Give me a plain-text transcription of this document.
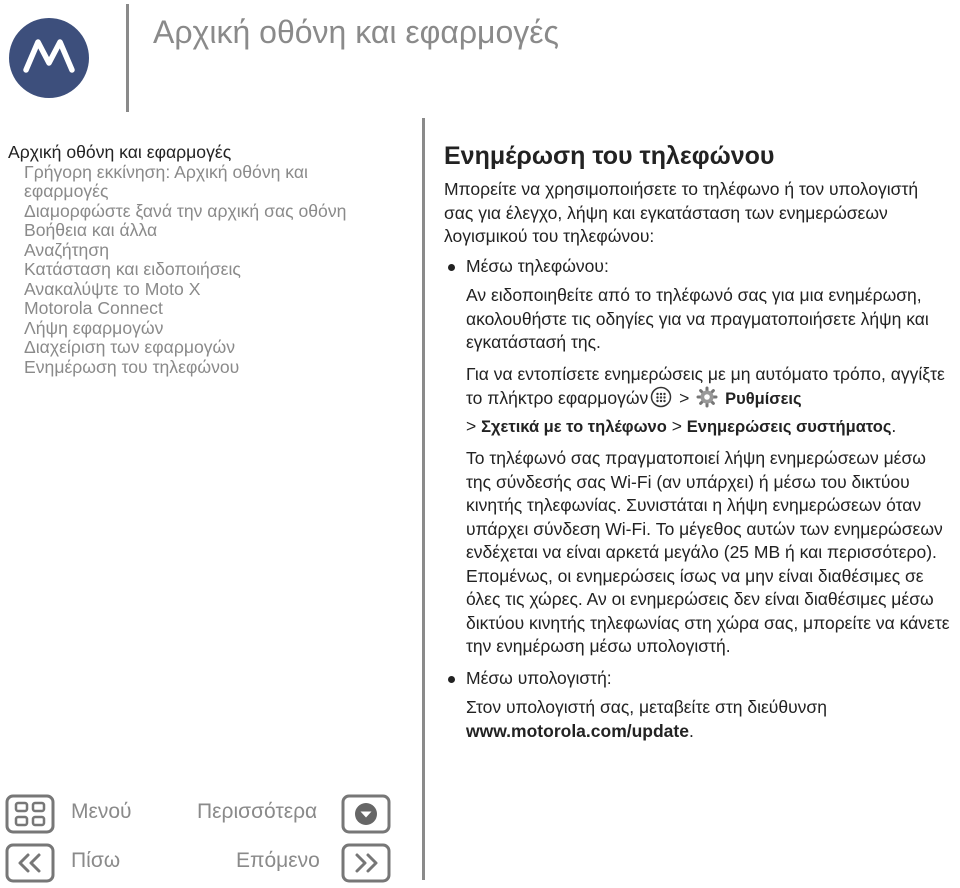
Αρχική οθόνη και εφαρμογές
Αρχική οθόνη και εφαρμογές
Γρήγορη εκκίνηση: Αρχική οθόνη και
εφαρμογές
Διαμορφώστε ξανά την αρχική σας οθόνη
Βοήθεια και άλλα
Αναζήτηση
Κατάσταση και ειδοποιήσεις
Ανακαλύψτε το Moto X
Motorola Connect
Λήψη εφαρμογών
Διαχείριση των εφαρμογών
Ενημέρωση του τηλεφώνου
Ενημέρωση του τηλεφώνου

Μπορείτε να χρησιμοποιήσετε το τηλέφωνο ή τον υπολογιστή σας για έλεγχο, λήψη και εγκατάσταση των ενημερώσεων λογισμικού του τηλεφώνου:

Μέσω τηλεφώνου:

Αν ειδοποιηθείτε από το τηλέφωνό σας για μια ενημέρωση, ακολουθήστε τις οδηγίες για να πραγματοποιήσετε λήψη και εγκατάστασή της.

Για να εντοπίσετε ενημερώσεις με μη αυτόματο τρόπο, αγγίξτε το πλήκτρο εφαρμογών > Ρυθμίσεις
> Σχετικά με το τηλέφωνο > Ενημερώσεις συστήματος.

Το τηλέφωνό σας πραγματοποιεί λήψη ενημερώσεων μέσω της σύνδεσής σας Wi-Fi (αν υπάρχει) ή μέσω του δικτύου κινητής τηλεφωνίας. Συνιστάται η λήψη ενημερώσεων όταν υπάρχει σύνδεση Wi-Fi. Το μέγεθος αυτών των ενημερώσεων ενδέχεται να είναι αρκετά μεγάλο (25 MB ή και περισσότερο). Επομένως, οι ενημερώσεις ίσως να μην είναι διαθέσιμες σε όλες τις χώρες. Αν οι ενημερώσεις δεν είναι διαθέσιμες μέσω δικτύου κινητής τηλεφωνίας στη χώρα σας, μπορείτε να κάνετε την ενημέρωση μέσω υπολογιστή.

Μέσω υπολογιστή:

Στον υπολογιστή σας, μεταβείτε στη διεύθυνση
www.motorola.com/update.

Μενού	Περισσότερα
Πίσω	Επόμενο
